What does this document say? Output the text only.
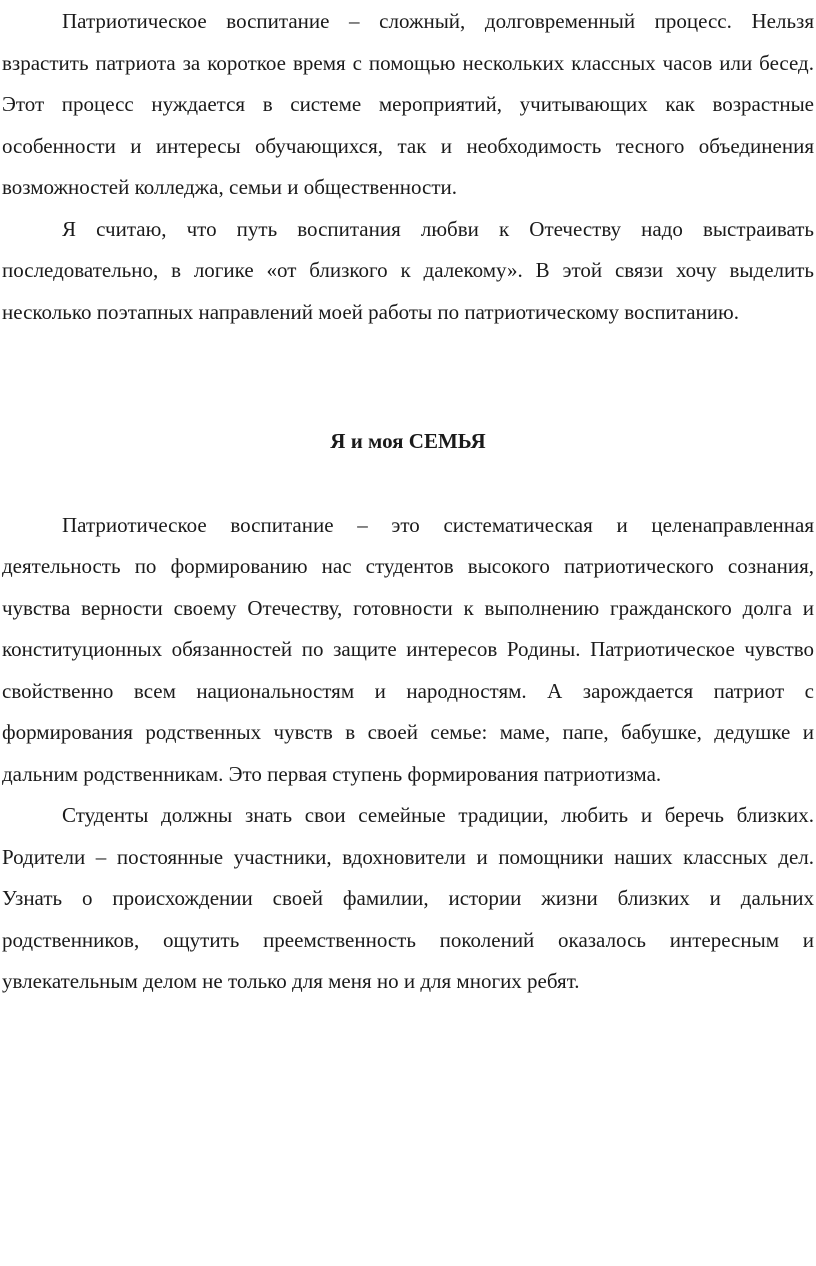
Патриотическое воспитание – сложный, долговременный процесс. Нельзя взрастить патриота за короткое время с помощью нескольких классных часов или бесед. Этот процесс нуждается в системе мероприятий, учитывающих как возрастные особенности и интересы обучающихся, так и необходимость тесного объединения возможностей колледжа, семьи и общественности.

Я считаю, что путь воспитания любви к Отечеству надо выстраивать последовательно, в логике «от близкого к далекому». В этой связи хочу выделить несколько поэтапных направлений моей работы по патриотическому воспитанию.

Я и моя СЕМЬЯ

Патриотическое воспитание – это систематическая и целенаправленная деятельность по формированию нас студентов высокого патриотического сознания, чувства верности своему Отечеству, готовности к выполнению гражданского долга и конституционных обязанностей по защите интересов Родины. Патриотическое чувство свойственно всем национальностям и народностям. А зарождается патриот с формирования родственных чувств в своей семье: маме, папе, бабушке, дедушке и дальним родственникам. Это первая ступень формирования патриотизма.

Студенты должны знать свои семейные традиции, любить и беречь близких. Родители – постоянные участники, вдохновители и помощники наших классных дел. Узнать о происхождении своей фамилии, истории жизни близких и дальних родственников, ощутить преемственность поколений оказалось интересным и увлекательным делом не только для меня но и для многих ребят.
